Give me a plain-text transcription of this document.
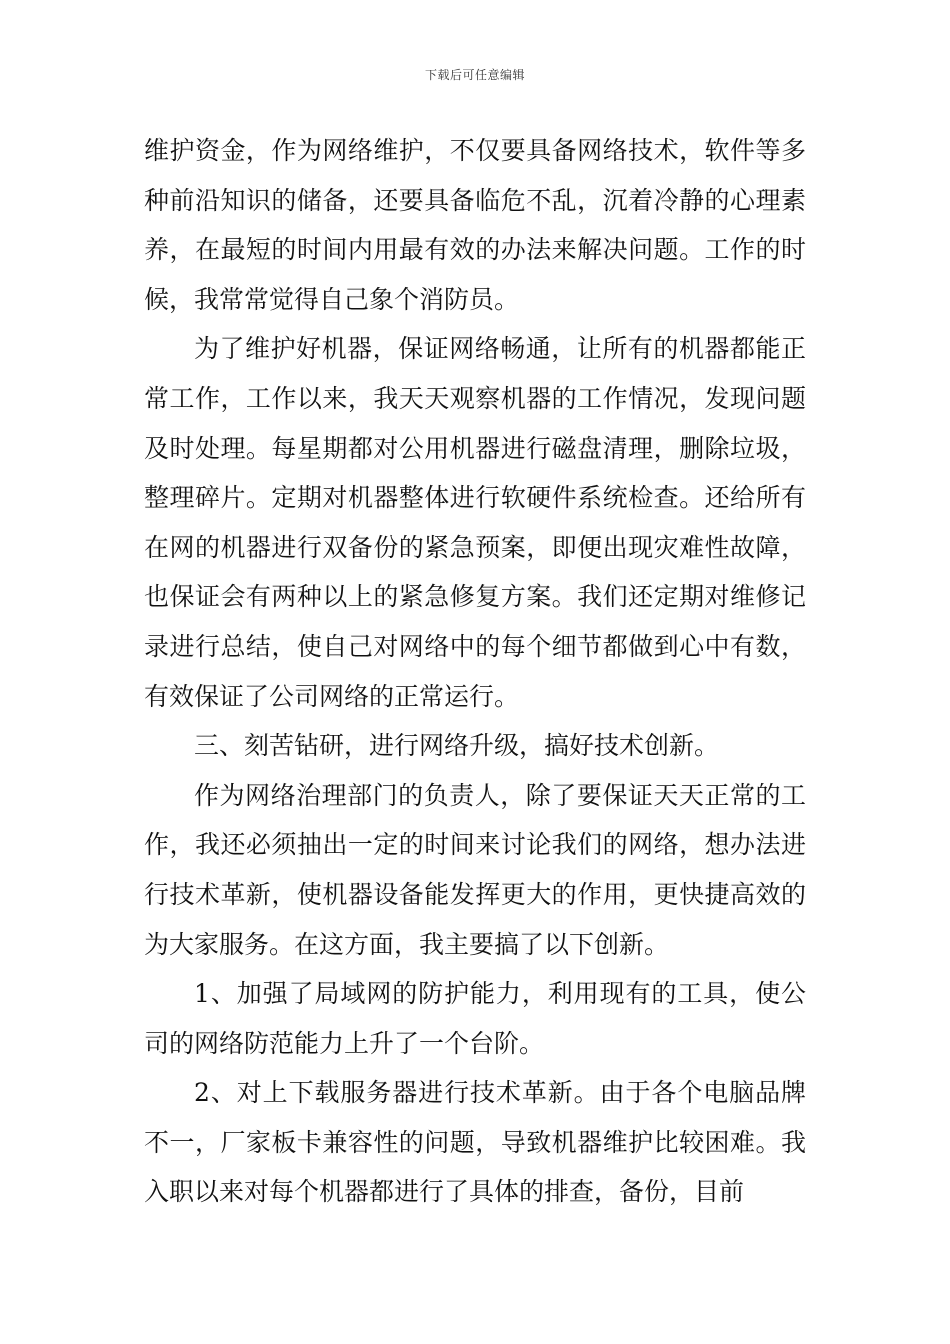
下载后可任意编辑

维护资金，作为网络维护，不仅要具备网络技术，软件等多种前沿知识的储备，还要具备临危不乱，沉着冷静的心理素养，在最短的时间内用最有效的办法来解决问题。工作的时候，我常常觉得自己象个消防员。

为了维护好机器，保证网络畅通，让所有的机器都能正常工作，工作以来，我天天观察机器的工作情况，发现问题及时处理。每星期都对公用机器进行磁盘清理，删除垃圾，整理碎片。定期对机器整体进行软硬件系统检查。还给所有在网的机器进行双备份的紧急预案，即便出现灾难性故障，也保证会有两种以上的紧急修复方案。我们还定期对维修记录进行总结，使自己对网络中的每个细节都做到心中有数，有效保证了公司网络的正常运行。

三、刻苦钻研，进行网络升级，搞好技术创新。

作为网络治理部门的负责人，除了要保证天天正常的工作，我还必须抽出一定的时间来讨论我们的网络，想办法进行技术革新，使机器设备能发挥更大的作用，更快捷高效的为大家服务。在这方面，我主要搞了以下创新。

1、加强了局域网的防护能力，利用现有的工具，使公司的网络防范能力上升了一个台阶。

2、对上下载服务器进行技术革新。由于各个电脑品牌不一，厂家板卡兼容性的问题，导致机器维护比较困难。我入职以来对每个机器都进行了具体的排查，备份，目前
